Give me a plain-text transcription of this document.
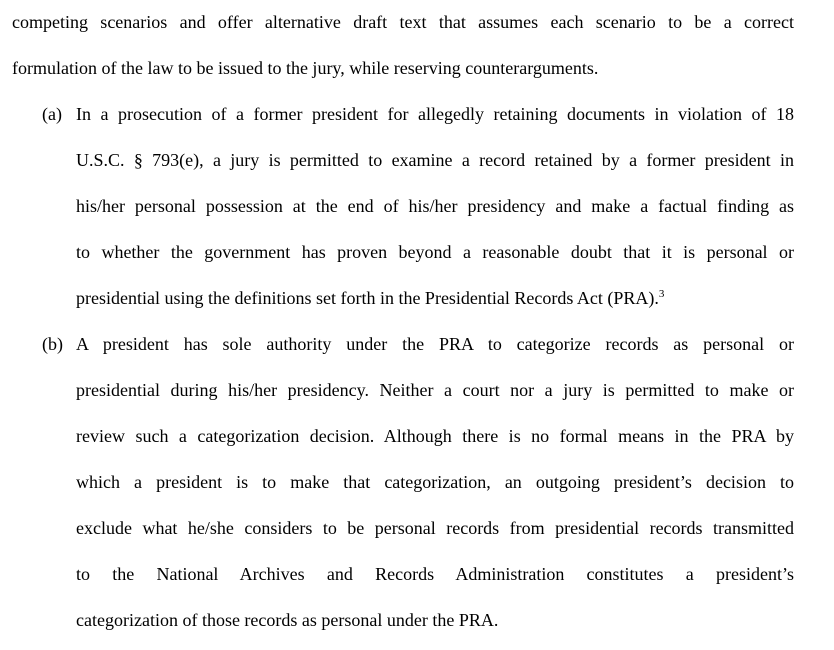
competing scenarios and offer alternative draft text that assumes each scenario to be a correct
formulation of the law to be issued to the jury, while reserving counterarguments.
(a) In a prosecution of a former president for allegedly retaining documents in violation of 18
U.S.C. § 793(e), a jury is permitted to examine a record retained by a former president in
his/her personal possession at the end of his/her presidency and make a factual finding as
to whether the government has proven beyond a reasonable doubt that it is personal or
presidential using the definitions set forth in the Presidential Records Act (PRA).$^3$
(b) A president has sole authority under the PRA to categorize records as personal or
presidential during his/her presidency. Neither a court nor a jury is permitted to make or
review such a categorization decision. Although there is no formal means in the PRA by
which a president is to make that categorization, an outgoing president’s decision to
exclude what he/she considers to be personal records from presidential records transmitted
to the National Archives and Records Administration constitutes a president’s
categorization of those records as personal under the PRA.
